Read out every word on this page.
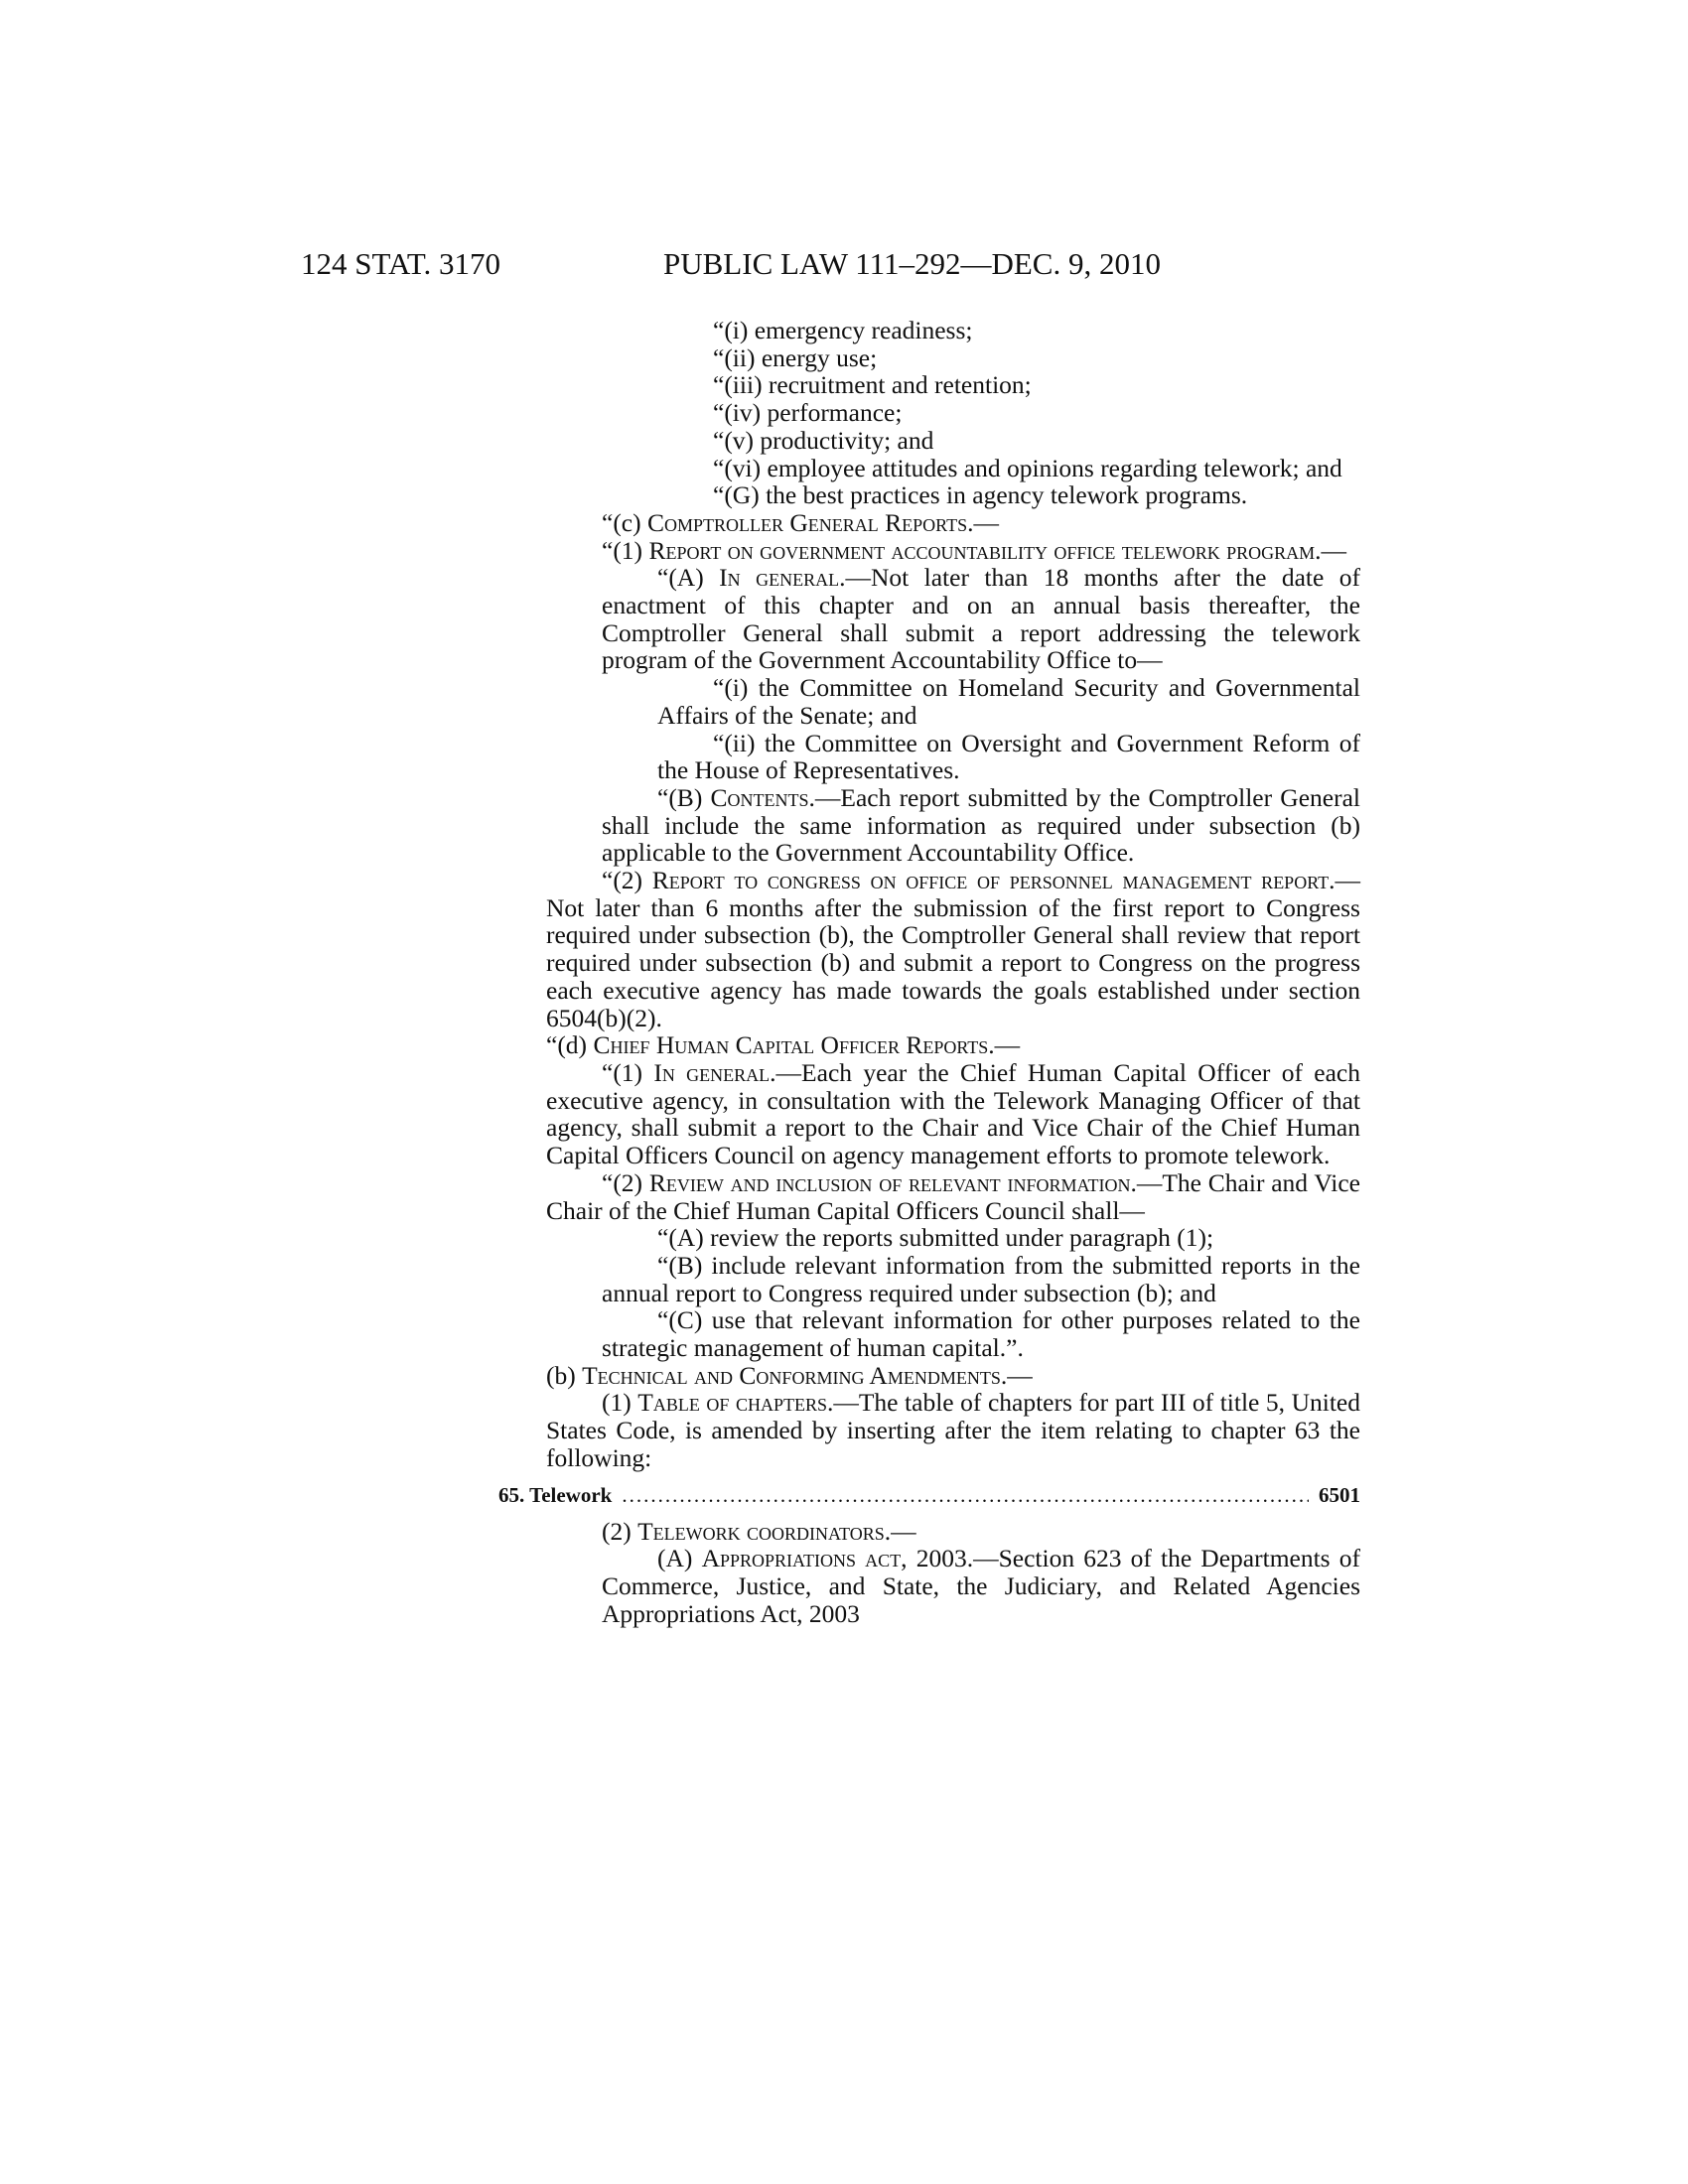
124 STAT. 3170	PUBLIC LAW 111–292—DEC. 9, 2010

“(i) emergency readiness;

“(ii) energy use;

“(iii) recruitment and retention;

“(iv) performance;

“(v) productivity; and

“(vi) employee attitudes and opinions regarding telework; and

“(G) the best practices in agency telework programs.

“(c) Comptroller General Reports.—

“(1) Report on government accountability office telework program.—

“(A) In general.—Not later than 18 months after the date of enactment of this chapter and on an annual basis thereafter, the Comptroller General shall submit a report addressing the telework program of the Government Accountability Office to—

“(i) the Committee on Homeland Security and Governmental Affairs of the Senate; and

“(ii) the Committee on Oversight and Government Reform of the House of Representatives.

“(B) Contents.—Each report submitted by the Comptroller General shall include the same information as required under subsection (b) applicable to the Government Accountability Office.

“(2) Report to congress on office of personnel management report.—Not later than 6 months after the submission of the first report to Congress required under subsection (b), the Comptroller General shall review that report required under subsection (b) and submit a report to Congress on the progress each executive agency has made towards the goals established under section 6504(b)(2).

“(d) Chief Human Capital Officer Reports.—

“(1) In general.—Each year the Chief Human Capital Officer of each executive agency, in consultation with the Telework Managing Officer of that agency, shall submit a report to the Chair and Vice Chair of the Chief Human Capital Officers Council on agency management efforts to promote telework.

“(2) Review and inclusion of relevant information.—The Chair and Vice Chair of the Chief Human Capital Officers Council shall—

“(A) review the reports submitted under paragraph (1);

“(B) include relevant information from the submitted reports in the annual report to Congress required under subsection (b); and

“(C) use that relevant information for other purposes related to the strategic management of human capital.”.

(b) Technical and Conforming Amendments.—

(1) Table of chapters.—The table of chapters for part III of title 5, United States Code, is amended by inserting after the item relating to chapter 63 the following:

65. Telework .....	6501

(2) Telework coordinators.—

(A) Appropriations act, 2003.—Section 623 of the Departments of Commerce, Justice, and State, the Judiciary, and Related Agencies Appropriations Act, 2003
